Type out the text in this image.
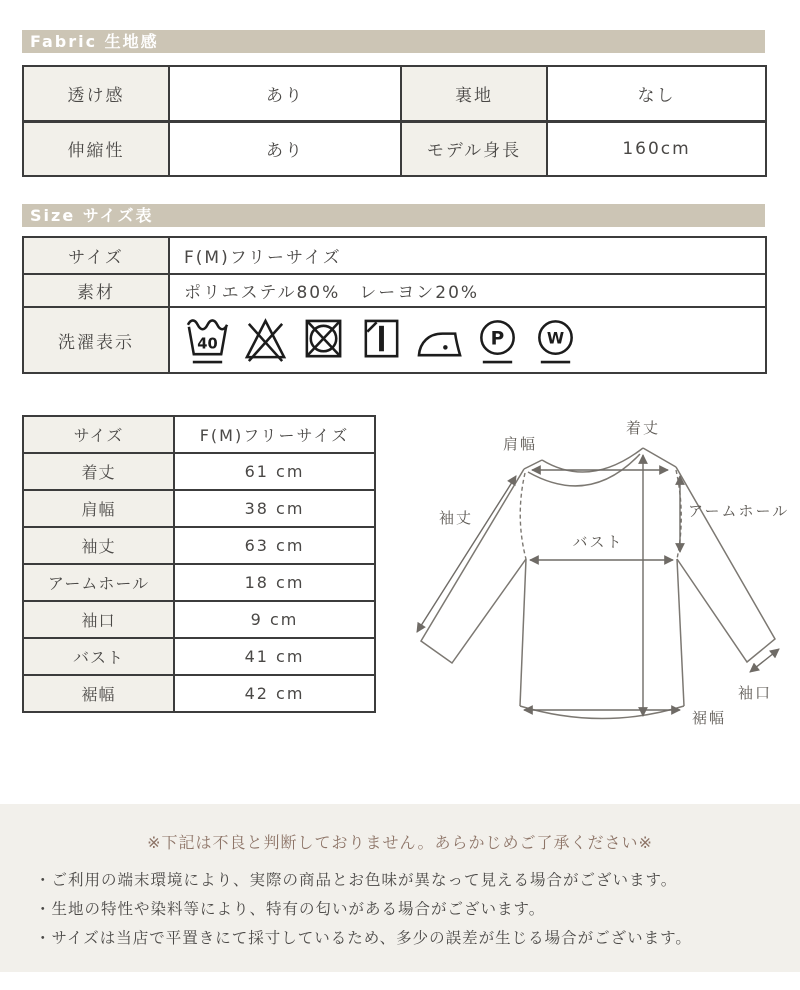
Fabric 生地感
透け感	あり	裏地	なし
伸縮性	あり	モデル身長	160cm
Size サイズ表
サイズ	F(M)フリーサイズ
素材	ポリエステル80%　レーヨン20%
洗濯表示	40 P W
サイズ	F(M)フリーサイズ
着丈	61 cm
肩幅	38 cm
袖丈	63 cm
アームホール	18 cm
袖口	9 cm
バスト	41 cm
裾幅	42 cm
着丈
肩幅
袖丈
バスト
アームホール
袖口
裾幅

※下記は不良と判断しておりません。あらかじめご了承ください※

・ご利用の端末環境により、実際の商品とお色味が異なって見える場合がございます。
・生地の特性や染料等により、特有の匂いがある場合がございます。
・サイズは当店で平置きにて採寸しているため、多少の誤差が生じる場合がございます。
